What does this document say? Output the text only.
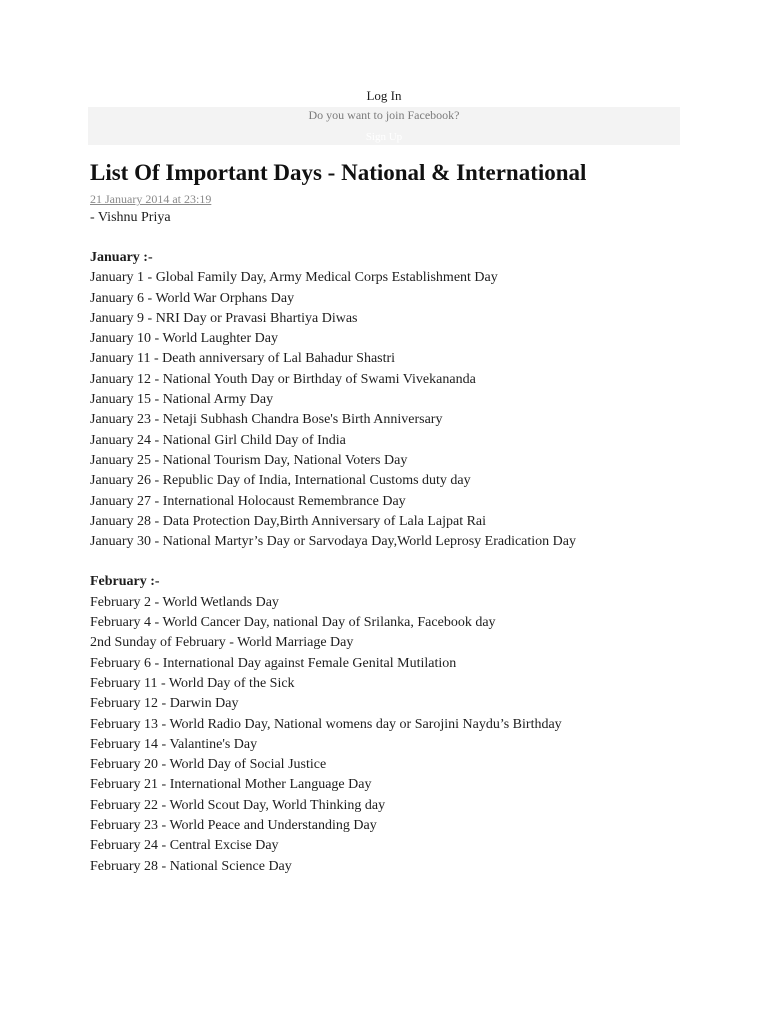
Log In
Do you want to join Facebook?
Sign Up
List Of Important Days - National & International
21 January 2014 at 23:19
- Vishnu Priya
January :-
January 1 - Global Family Day, Army Medical Corps Establishment Day
January 6 - World War Orphans Day
January 9 - NRI Day or Pravasi Bhartiya Diwas
January 10 - World Laughter Day
January 11 - Death anniversary of Lal Bahadur Shastri
January 12 - National Youth Day or Birthday of Swami Vivekananda
January 15 - National Army Day
January 23 - Netaji Subhash Chandra Bose's Birth Anniversary
January 24 - National Girl Child Day of India
January 25 - National Tourism Day, National Voters Day
January 26 - Republic Day of India, International Customs duty day
January 27 - International Holocaust Remembrance Day
January 28 - Data Protection Day,Birth Anniversary of Lala Lajpat Rai
January 30 - National Martyr’s Day or Sarvodaya Day,World Leprosy Eradication Day
February :-
February 2 - World Wetlands Day
February 4 - World Cancer Day, national Day of Srilanka, Facebook day
2nd Sunday of February - World Marriage Day
February 6 - International Day against Female Genital Mutilation
February 11 - World Day of the Sick
February 12 - Darwin Day
February 13 - World Radio Day, National womens day or Sarojini Naydu’s Birthday
February 14 - Valantine's Day
February 20 - World Day of Social Justice
February 21 - International Mother Language Day
February 22 - World Scout Day, World Thinking day
February 23 - World Peace and Understanding Day
February 24 - Central Excise Day
February 28 - National Science Day
